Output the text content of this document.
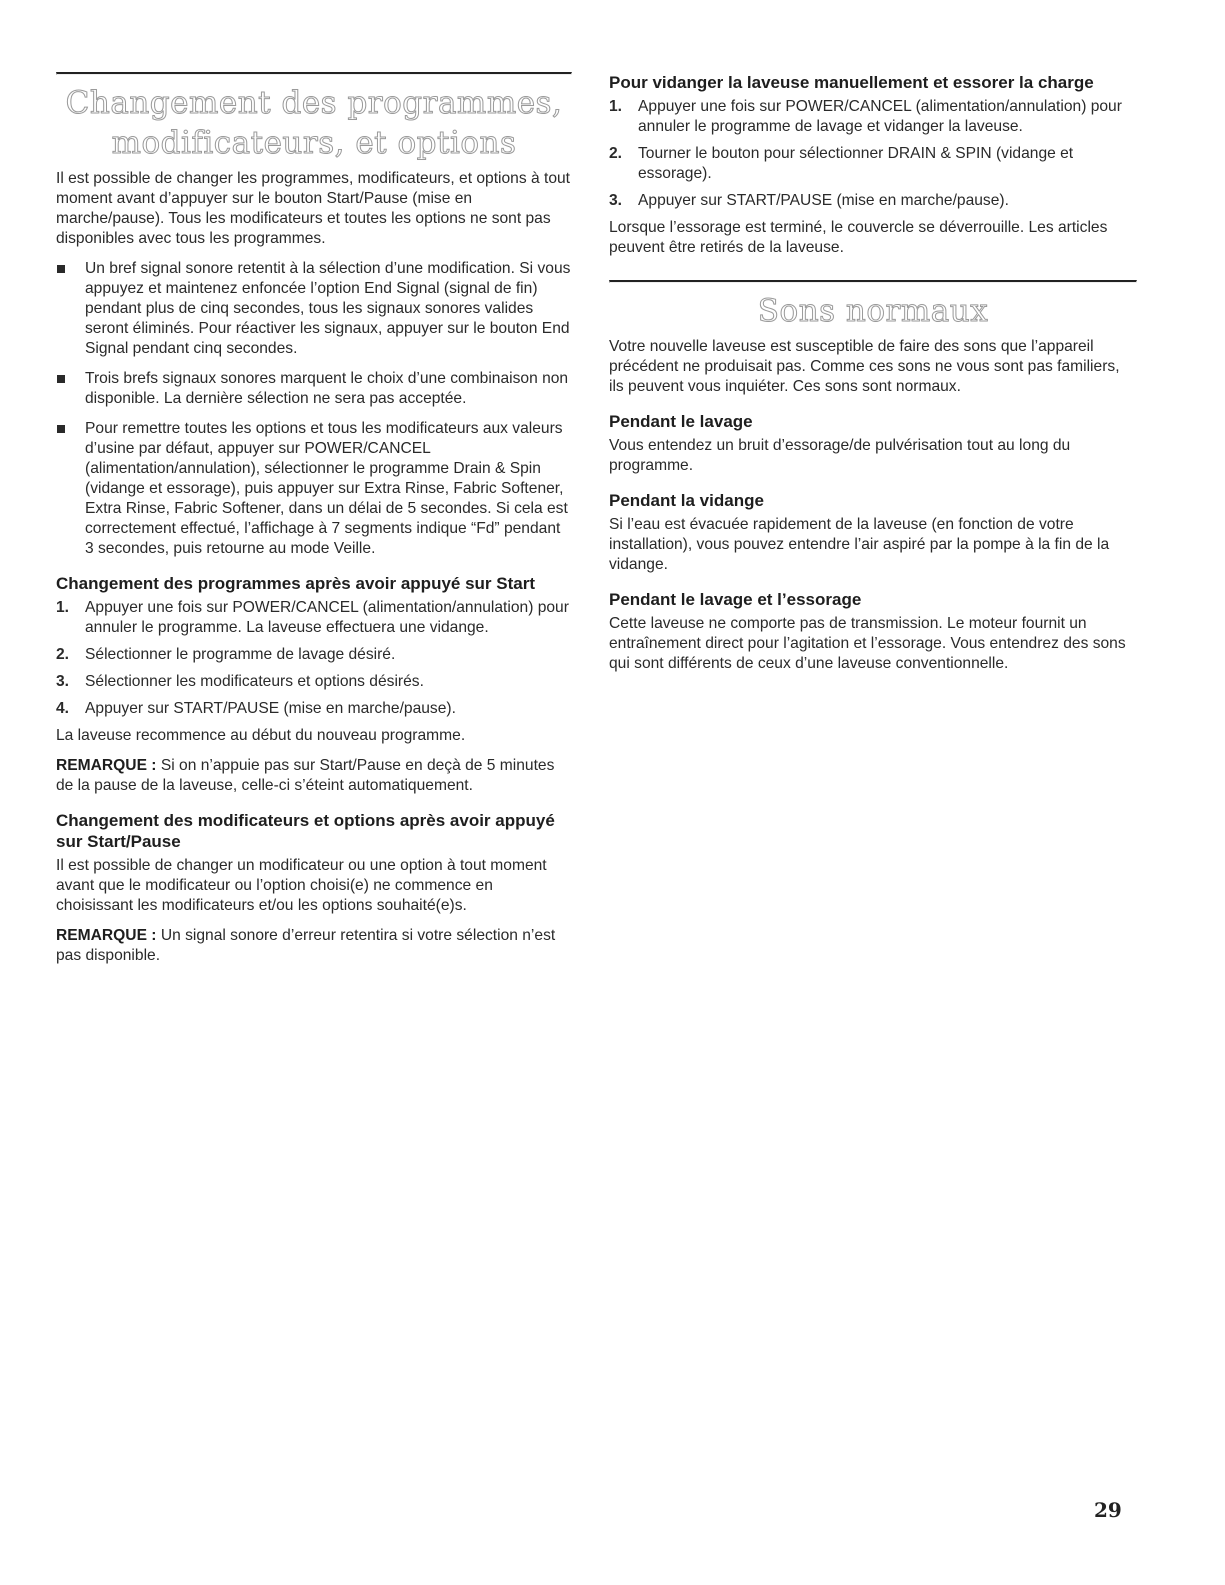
Changement des programmes,
modificateurs, et options

Il est possible de changer les programmes, modificateurs, et options à tout moment avant d’appuyer sur le bouton Start/Pause (mise en marche/pause). Tous les modificateurs et toutes les options ne sont pas disponibles avec tous les programmes.

Un bref signal sonore retentit à la sélection d’une modification. Si vous appuyez et maintenez enfoncée l’option End Signal (signal de fin) pendant plus de cinq secondes, tous les signaux sonores valides seront éliminés. Pour réactiver les signaux, appuyer sur le bouton End Signal pendant cinq secondes.
Trois brefs signaux sonores marquent le choix d’une combinaison non disponible. La dernière sélection ne sera pas acceptée.
Pour remettre toutes les options et tous les modificateurs aux valeurs d’usine par défaut, appuyer sur POWER/CANCEL (alimentation/annulation), sélectionner le programme Drain & Spin (vidange et essorage), puis appuyer sur Extra Rinse, Fabric Softener, Extra Rinse, Fabric Softener, dans un délai de 5 secondes. Si cela est correctement effectué, l’affichage à 7 segments indique “Fd” pendant 3 secondes, puis retourne au mode Veille.
Changement des programmes après avoir appuyé sur Start
1. Appuyer une fois sur POWER/CANCEL (alimentation/annulation) pour annuler le programme. La laveuse effectuera une vidange.
2. Sélectionner le programme de lavage désiré.
3. Sélectionner les modificateurs et options désirés.
4. Appuyer sur START/PAUSE (mise en marche/pause).

La laveuse recommence au début du nouveau programme.

REMARQUE : Si on n’appuie pas sur Start/Pause en deçà de 5 minutes de la pause de la laveuse, celle-ci s’éteint automatiquement.

Changement des modificateurs et options après avoir appuyé sur Start/Pause

Il est possible de changer un modificateur ou une option à tout moment avant que le modificateur ou l’option choisi(e) ne commence en choisissant les modificateurs et/ou les options souhaité(e)s.

REMARQUE : Un signal sonore d’erreur retentira si votre sélection n’est pas disponible.

Pour vidanger la laveuse manuellement et essorer la charge
1. Appuyer une fois sur POWER/CANCEL (alimentation/annulation) pour annuler le programme de lavage et vidanger la laveuse.
2. Tourner le bouton pour sélectionner DRAIN & SPIN (vidange et essorage).
3. Appuyer sur START/PAUSE (mise en marche/pause).

Lorsque l’essorage est terminé, le couvercle se déverrouille. Les articles peuvent être retirés de la laveuse.

Sons normaux

Votre nouvelle laveuse est susceptible de faire des sons que l’appareil précédent ne produisait pas. Comme ces sons ne vous sont pas familiers, ils peuvent vous inquiéter. Ces sons sont normaux.

Pendant le lavage

Vous entendez un bruit d’essorage/de pulvérisation tout au long du programme.

Pendant la vidange

Si l’eau est évacuée rapidement de la laveuse (en fonction de votre installation), vous pouvez entendre l’air aspiré par la pompe à la fin de la vidange.

Pendant le lavage et l’essorage

Cette laveuse ne comporte pas de transmission. Le moteur fournit un entraînement direct pour l’agitation et l’essorage. Vous entendrez des sons qui sont différents de ceux d’une laveuse conventionnelle.

29
